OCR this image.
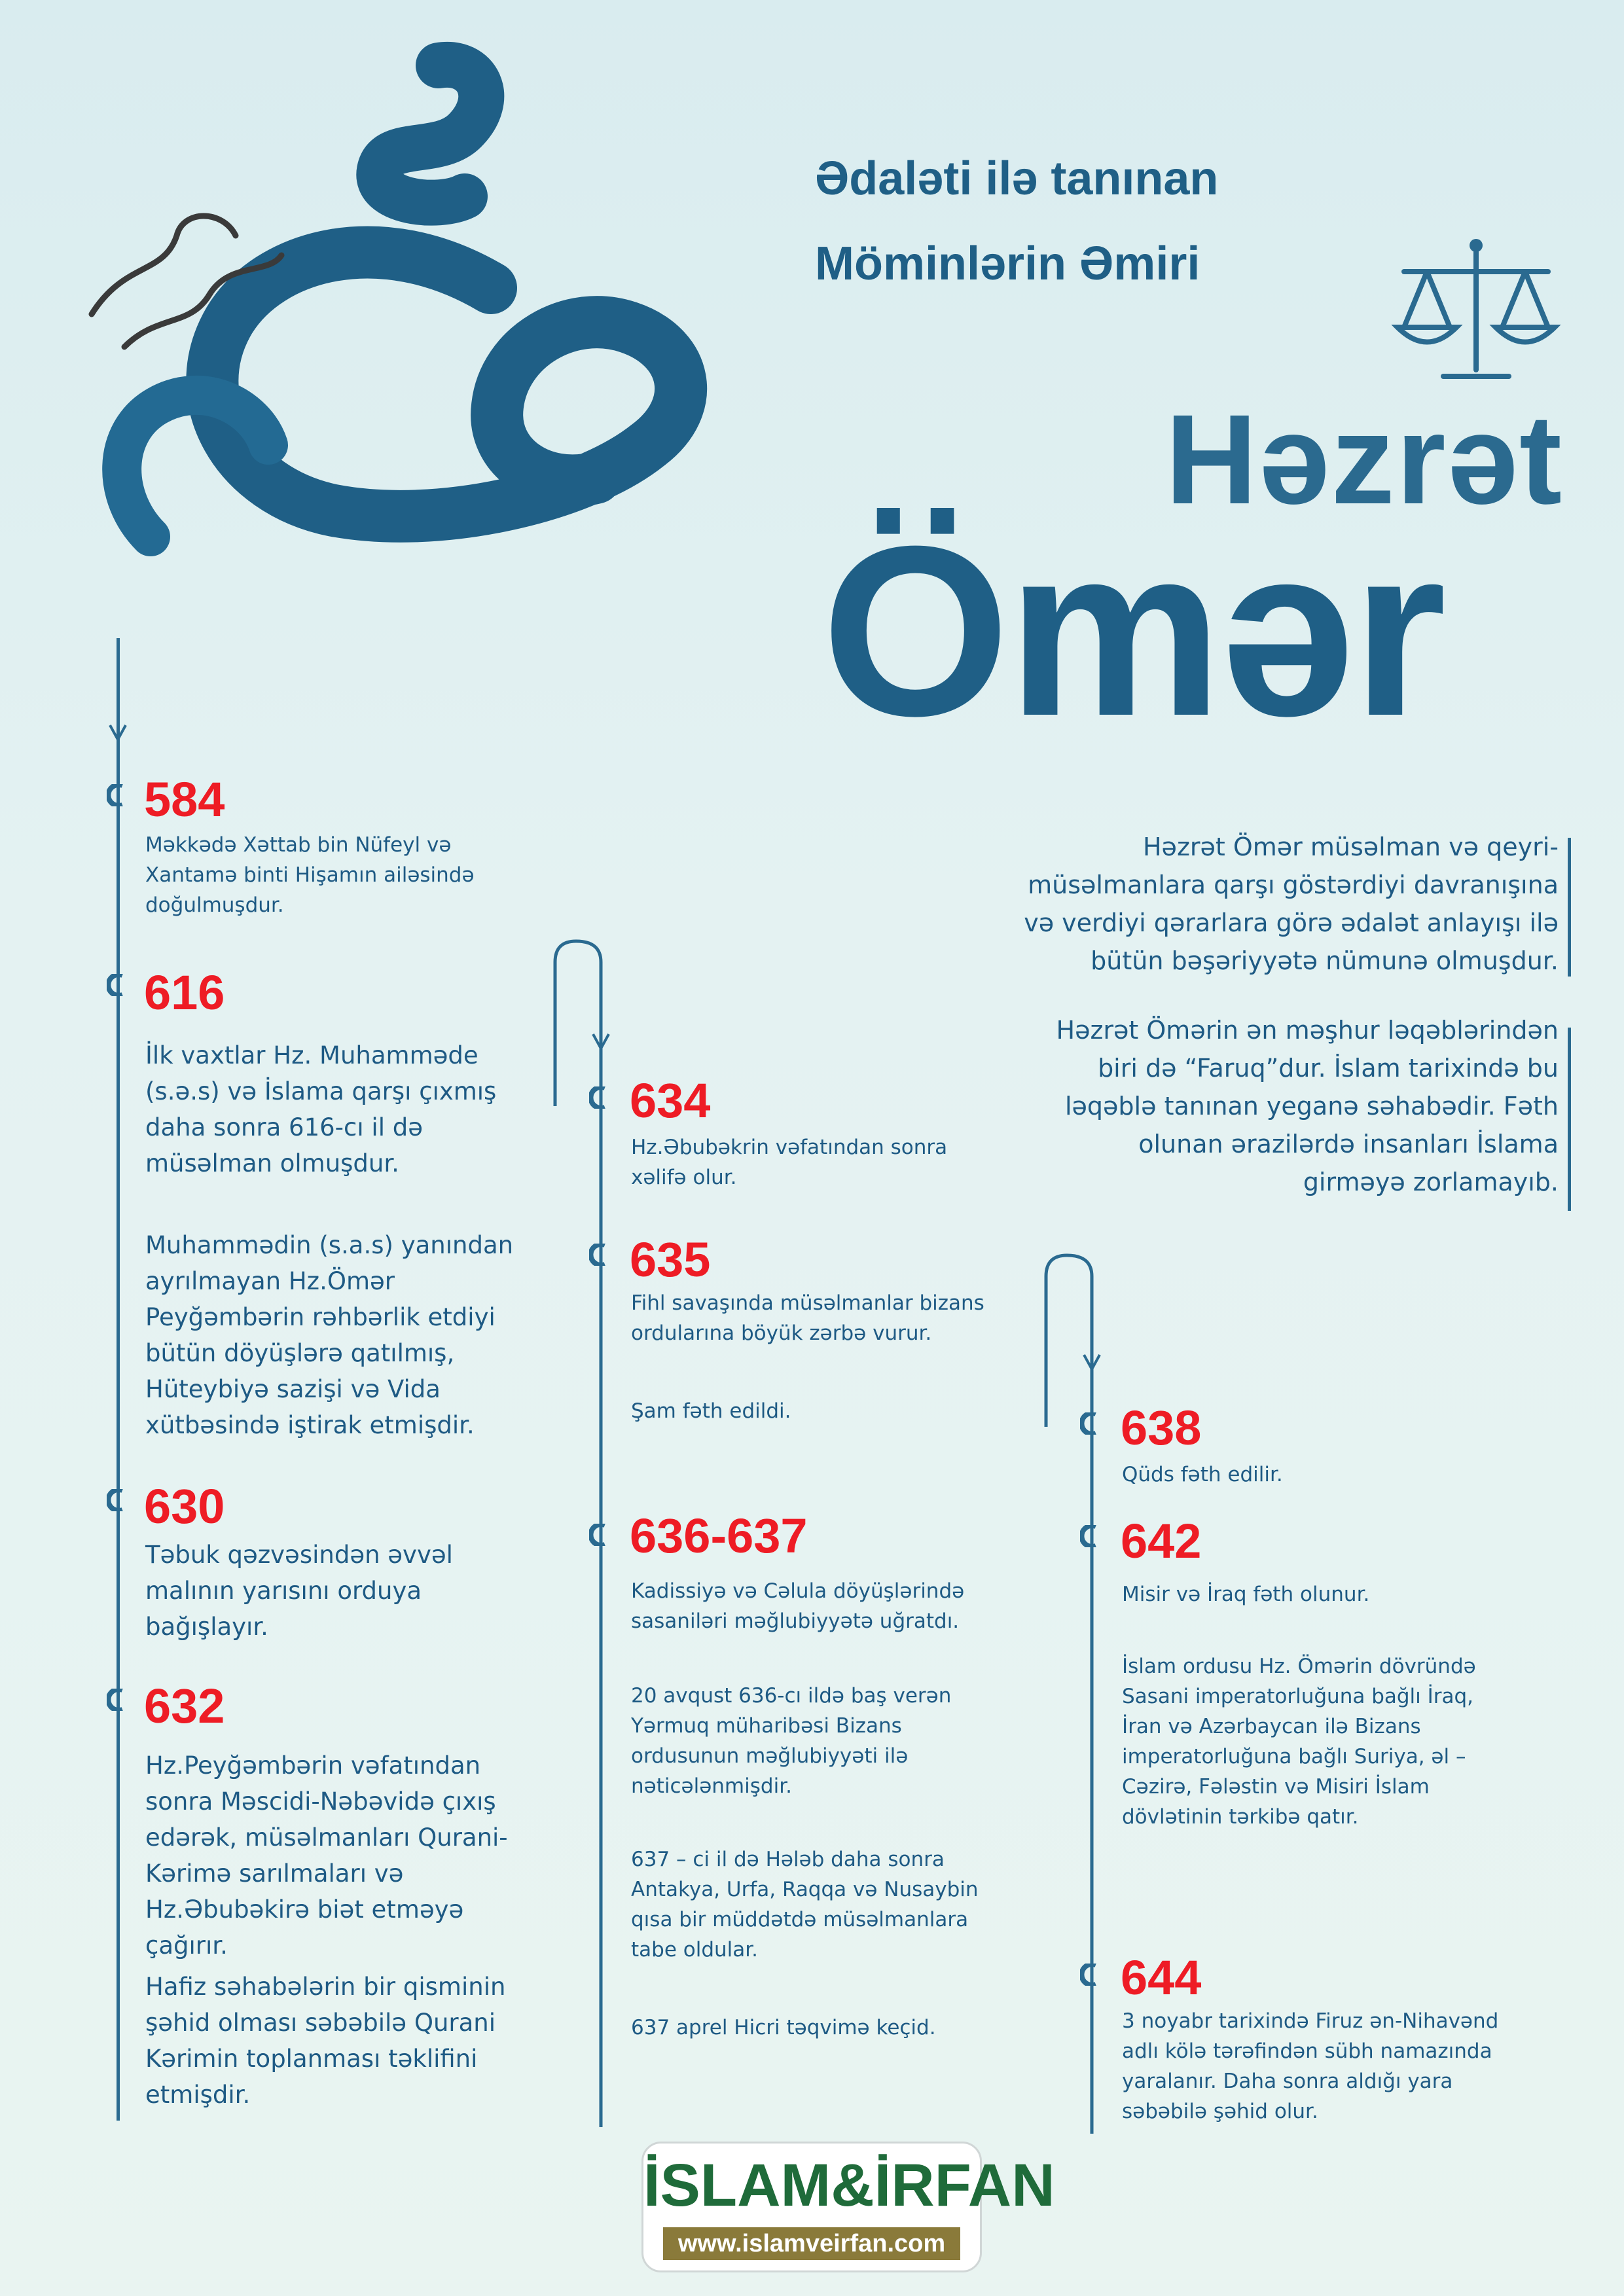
Ədaləti ilə tanınan
Möminlərin Əmiri
Həzrət
Ömər
584
Məkkədə Xəttab bin Nüfeyl və
Xantamə binti Hişamın ailəsində
doğulmuşdur.
616
İlk vaxtlar Hz. Muhamməde
(s.ə.s) və İslama qarşı çıxmış
daha sonra 616-cı il də
müsəlman olmuşdur.
Muhammədin (s.a.s) yanından
ayrılmayan Hz.Ömər
Peyğəmbərin rəhbərlik etdiyi
bütün döyüşlərə qatılmış,
Hüteybiyə sazişi və Vida
xütbəsində iştirak etmişdir.
630
Təbuk qəzvəsindən əvvəl
malının yarısını orduya
bağışlayır.
632
Hz.Peyğəmbərin vəfatından
sonra Məscidi-Nəbəvidə çıxış
edərək, müsəlmanları Qurani-
Kərimə sarılmaları və
Hz.Əbubəkirə biət etməyə
çağırır.
Hafiz səhabələrin bir qisminin
şəhid olması səbəbilə Qurani
Kərimin toplanması təklifini
etmişdir.
634
Hz.Əbubəkrin vəfatından sonra
xəlifə olur.
635
Fihl savaşında müsəlmanlar bizans
ordularına böyük zərbə vurur.
Şam fəth edildi.
636-637
Kadissiyə və Cəlula döyüşlərində
sasaniləri məğlubiyyətə uğratdı.
20 avqust 636-cı ildə baş verən
Yərmuq müharibəsi Bizans
ordusunun məğlubiyyəti ilə
nəticələnmişdir.
637 – ci il də Hələb daha sonra
Antakya, Urfa, Raqqa və Nusaybin
qısa bir müddətdə müsəlmanlara
tabe oldular.
637 aprel Hicri təqvimə keçid.
638
Qüds fəth edilir.
642
Misir və İraq fəth olunur.
İslam ordusu Hz. Ömərin dövründə
Sasani imperatorluğuna bağlı İraq,
İran və Azərbaycan ilə Bizans
imperatorluğuna bağlı Suriya, əl –
Cəzirə, Fələstin və Misiri İslam
dövlətinin tərkibə qatır.
644
3 noyabr tarixində Firuz ən-Nihavənd
adlı kölə tərəfindən sübh namazında
yaralanır. Daha sonra aldığı yara
səbəbilə şəhid olur.
Həzrət Ömər müsəlman və qeyri-
müsəlmanlara qarşı göstərdiyi davranışına
və verdiyi qərarlara görə ədalət anlayışı ilə
bütün bəşəriyyətə nümunə olmuşdur.
Həzrət Ömərin ən məşhur ləqəblərindən
biri də “Faruq”dur. İslam tarixində bu
ləqəblə tanınan yeganə səhabədir. Fəth
olunan ərazilərdə insanları İslama
girməyə zorlamayıb.
İSLAM&İRFAN
www.islamveirfan.com
